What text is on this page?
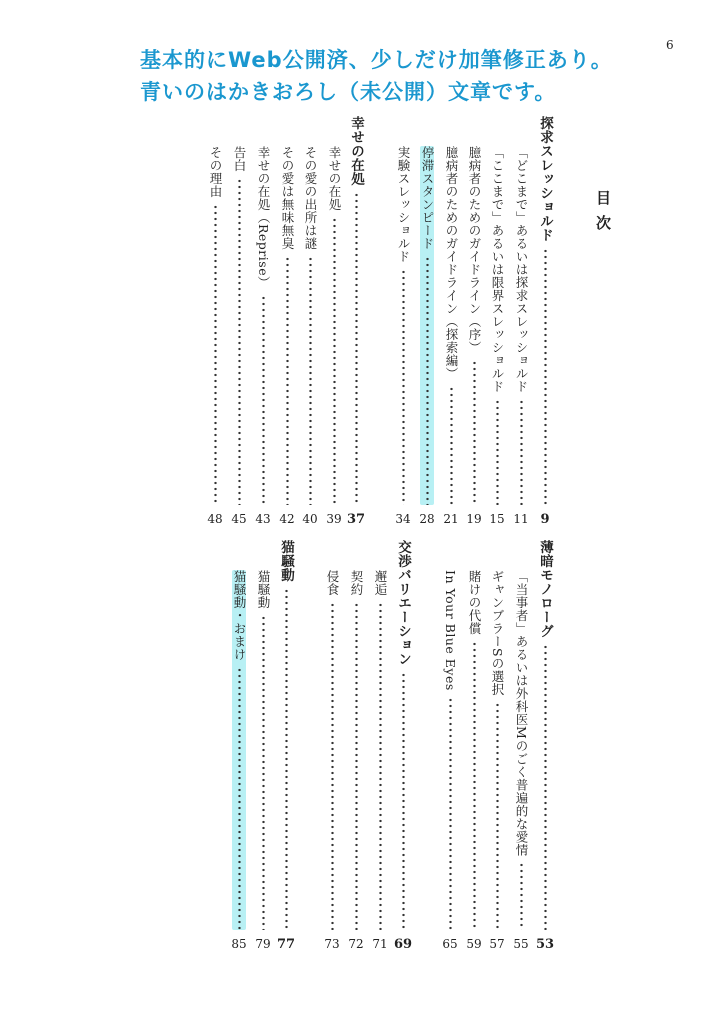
基本的にWeb公開済、少しだけ加筆修正あり。
青いのはかきおろし（未公開）文章です。
6
目次
探求スレッショルド
9
「どこまで」あるいは探求スレッショルド
11
「ここまで」あるいは限界スレッショルド
15
臆病者のためのガイドライン（序）
19
臆病者のためのガイドライン（探索編）
21
停滞スタンピード
28
実験スレッショルド
34
幸せの在処
37
幸せの在処
39
その愛の出所は謎
40
その愛は無味無臭
42
幸せの在処（Reprise）
43
告白
45
その理由
48
薄暗モノローグ
53
「当事者」あるいは外科医Mのごく普遍的な愛情
55
ギャンブラーSの選択
57
賭けの代償
59
In Your Blue Eyes
65
交渉バリエーション
69
邂逅
71
契約
72
侵食
73
猫騒動
77
猫騒動
79
猫騒動・おまけ
85
